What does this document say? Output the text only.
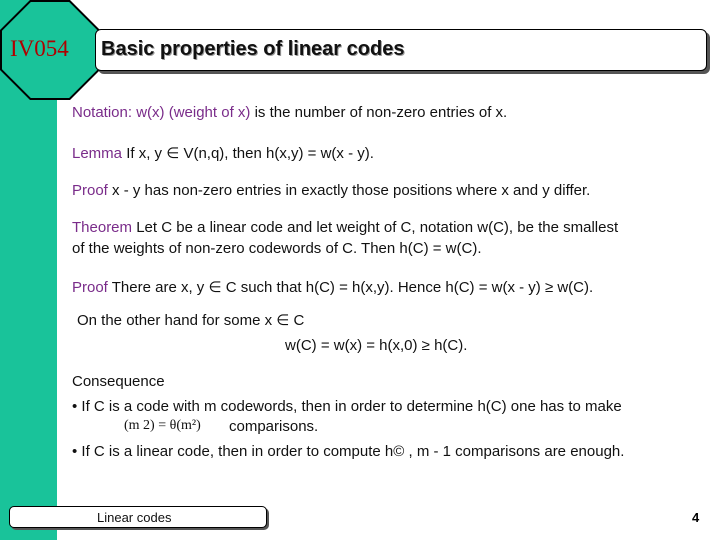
IV054 Basic properties of linear codes
Notation: w(x) (weight of x) is the number of non-zero entries of x.
Lemma If x, y ∈ V(n,q), then h(x,y) = w(x - y).
Proof x - y has non-zero entries in exactly those positions where x and y differ.
Theorem Let C be a linear code and let weight of C, notation w(C), be the smallest
of the weights of non-zero codewords of C. Then h(C) = w(C).
Proof There are x, y ∈ C such that h(C) = h(x,y). Hence h(C) = w(x - y) ≥ w(C).
On the other hand for some x ∈ C
w(C) = w(x) = h(x,0) ≥ h(C).
Consequence
• If C is a code with m codewords, then in order to determine h(C) one has to make
(m 2) = θ(m²) comparisons.
• If C is a linear code, then in order to compute h© , m - 1 comparisons are enough.
Linear codes	4
